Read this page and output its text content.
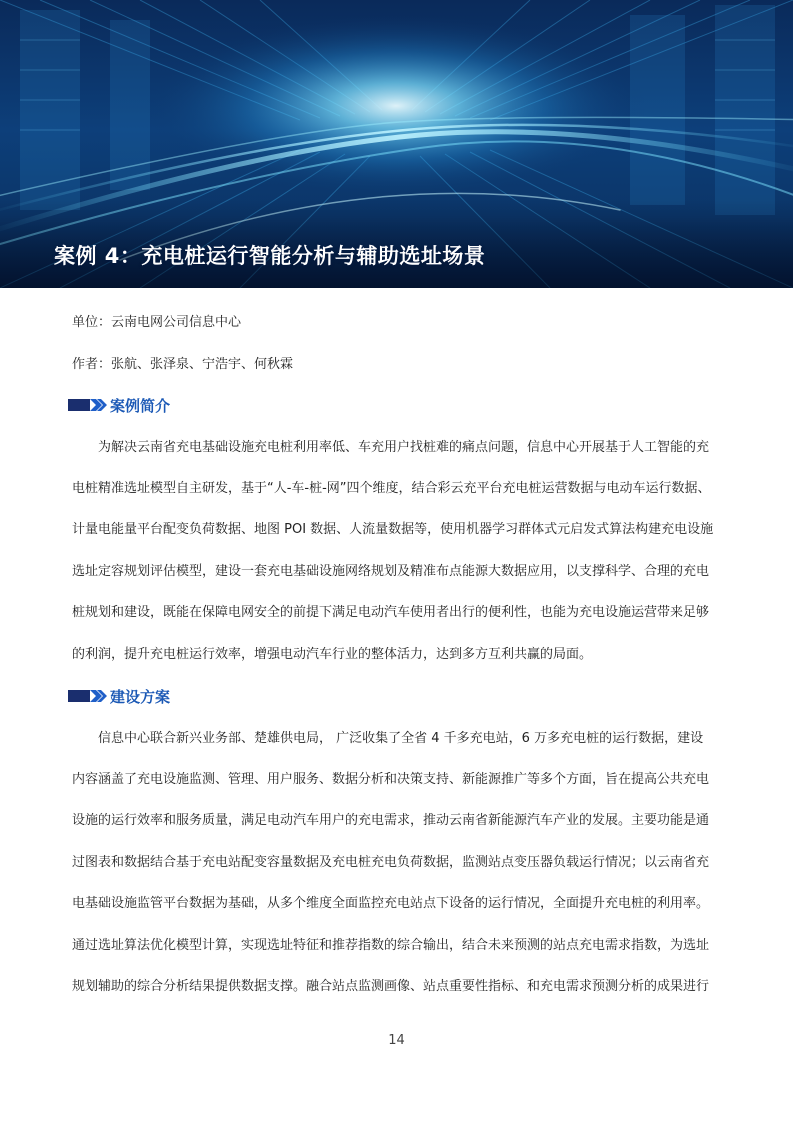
案例 4：充电桩运行智能分析与辅助选址场景
单位：云南电网公司信息中心
作者：张航、张泽泉、宁浩宇、何秋霖
案例简介
　　为解决云南省充电基础设施充电桩利用率低、车充用户找桩难的痛点问题，信息中心开展基于人工智能的充
电桩精准选址模型自主研发，基于“人-车-桩-网”四个维度，结合彩云充平台充电桩运营数据与电动车运行数据、
计量电能量平台配变负荷数据、地图 POI 数据、人流量数据等，使用机器学习群体式元启发式算法构建充电设施
选址定容规划评估模型，建设一套充电基础设施网络规划及精准布点能源大数据应用，以支撑科学、合理的充电
桩规划和建设，既能在保障电网安全的前提下满足电动汽车使用者出行的便利性，也能为充电设施运营带来足够
的利润，提升充电桩运行效率，增强电动汽车行业的整体活力，达到多方互利共赢的局面。
建设方案
　　信息中心联合新兴业务部、楚雄供电局， 广泛收集了全省 4 千多充电站，6 万多充电桩的运行数据，建设
内容涵盖了充电设施监测、管理、用户服务、数据分析和决策支持、新能源推广等多个方面，旨在提高公共充电
设施的运行效率和服务质量，满足电动汽车用户的充电需求，推动云南省新能源汽车产业的发展。主要功能是通
过图表和数据结合基于充电站配变容量数据及充电桩充电负荷数据，监测站点变压器负载运行情况；以云南省充
电基础设施监管平台数据为基础，从多个维度全面监控充电站点下设备的运行情况，全面提升充电桩的利用率。
通过选址算法优化模型计算，实现选址特征和推荐指数的综合输出，结合未来预测的站点充电需求指数，为选址
规划辅助的综合分析结果提供数据支撑。融合站点监测画像、站点重要性指标、和充电需求预测分析的成果进行
14
